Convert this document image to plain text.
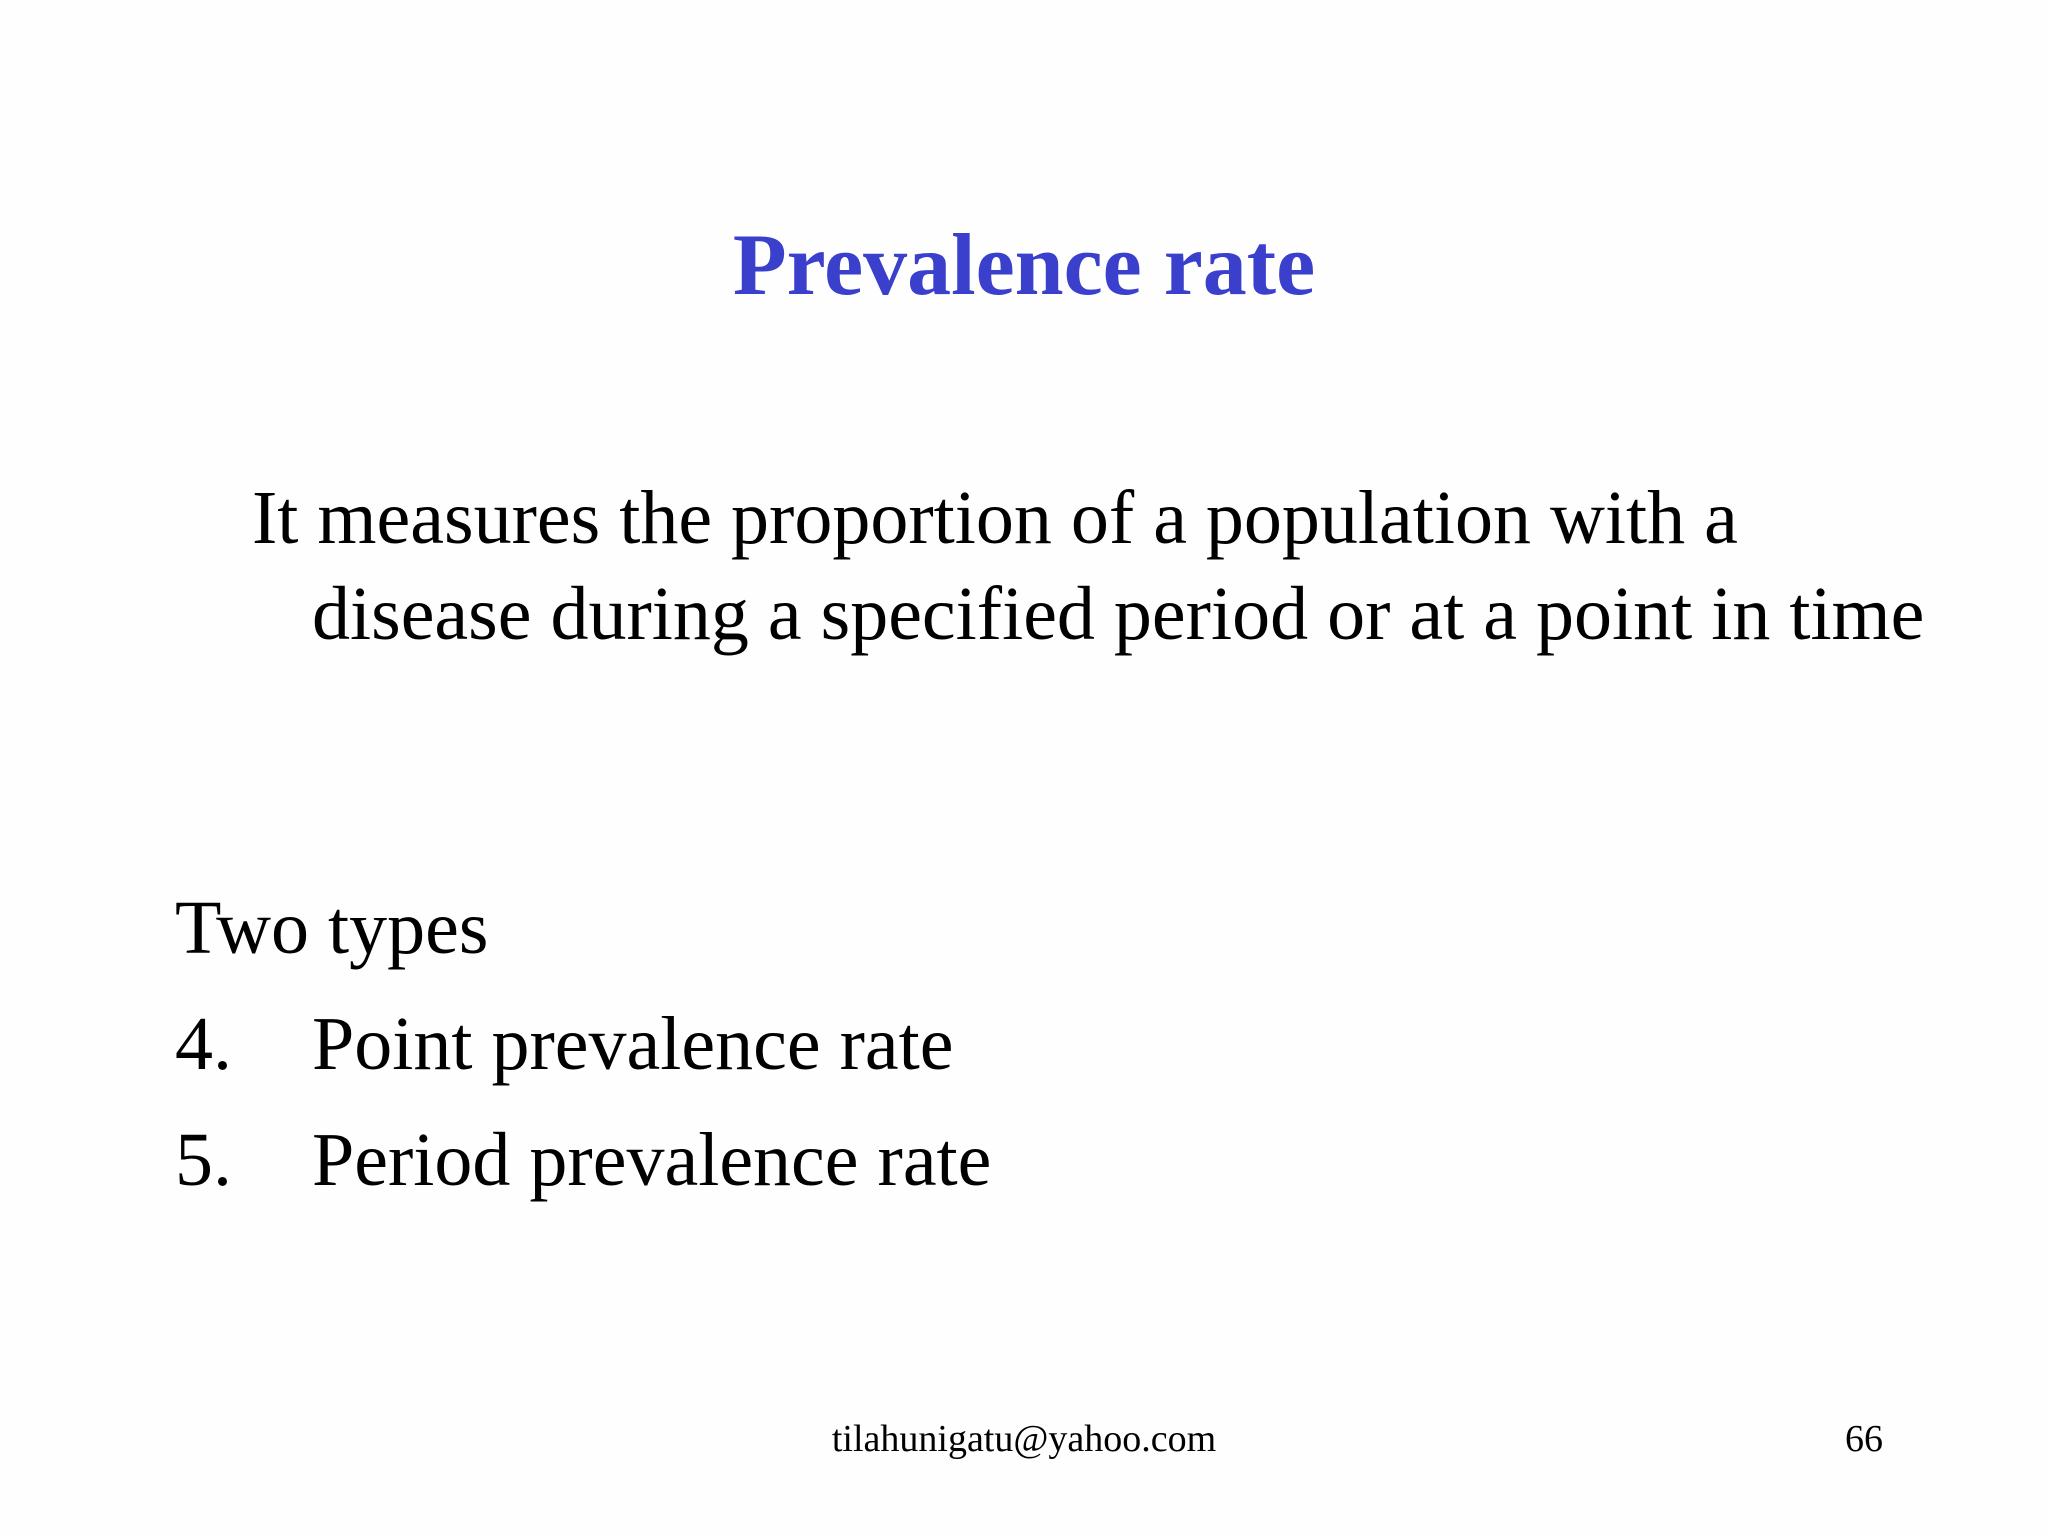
Prevalence rate
It measures the proportion of a population with a disease during a specified period or at a point in time
Two types
4.	Point prevalence rate
5.	Period prevalence rate
tilahunigatu@yahoo.com	66
